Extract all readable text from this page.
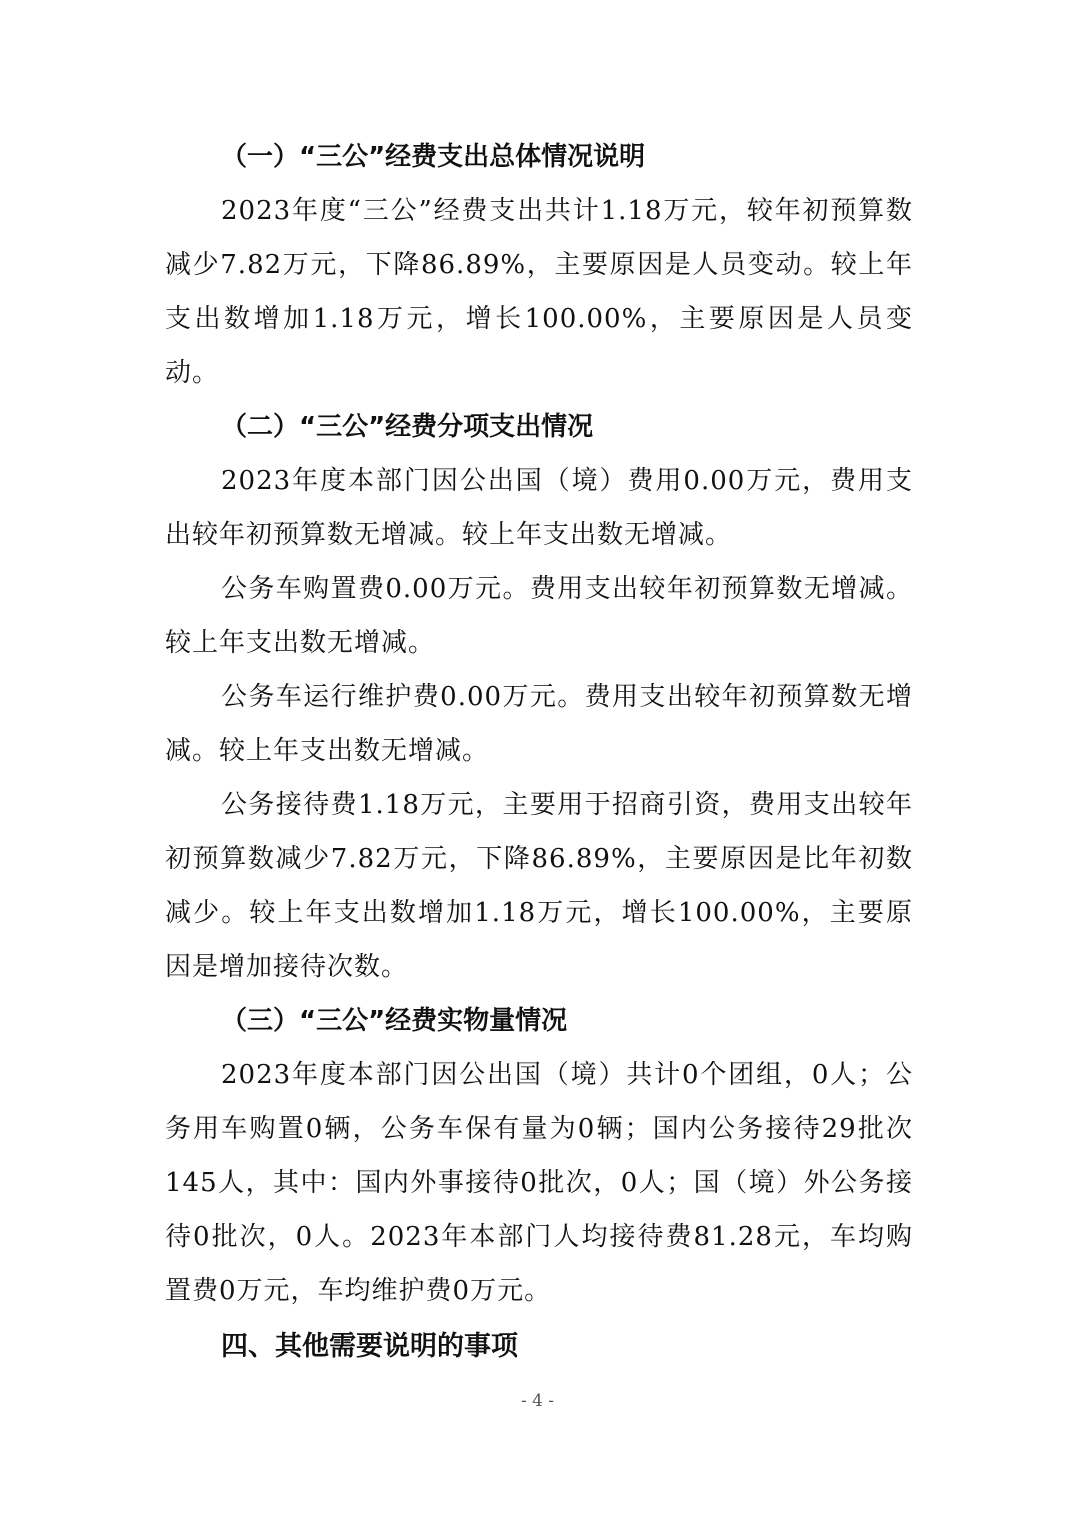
（一）“三公”经费支出总体情况说明

2023年度“三公”经费支出共计1.18万元，较年初预算数减少7.82万元，下降86.89%，主要原因是人员变动。较上年支出数增加1.18万元，增长100.00%，主要原因是人员变动。

（二）“三公”经费分项支出情况

2023年度本部门因公出国（境）费用0.00万元，费用支出较年初预算数无增减。较上年支出数无增减。

公务车购置费0.00万元。费用支出较年初预算数无增减。较上年支出数无增减。

公务车运行维护费0.00万元。费用支出较年初预算数无增减。较上年支出数无增减。

公务接待费1.18万元，主要用于招商引资，费用支出较年初预算数减少7.82万元，下降86.89%，主要原因是比年初数减少。较上年支出数增加1.18万元，增长100.00%，主要原因是增加接待次数。

（三）“三公”经费实物量情况

2023年度本部门因公出国（境）共计0个团组，0人；公务用车购置0辆，公务车保有量为0辆；国内公务接待29批次145人，其中：国内外事接待0批次，0人；国（境）外公务接待0批次，0人。2023年本部门人均接待费81.28元，车均购置费0万元，车均维护费0万元。

四、其他需要说明的事项

- 4 -
